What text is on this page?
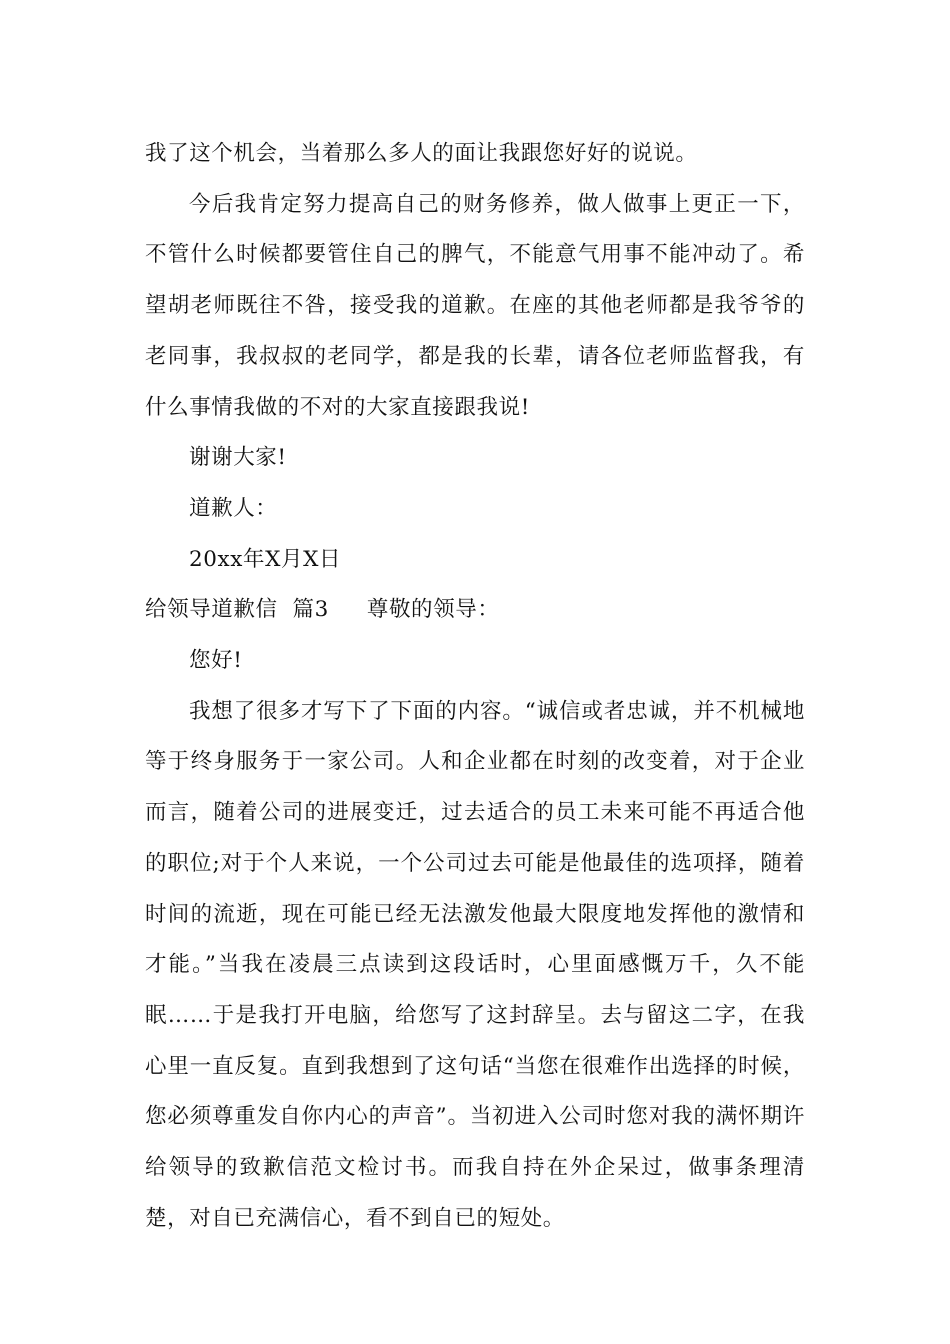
我了这个机会，当着那么多人的面让我跟您好好的说说。

今后我肯定努力提高自己的财务修养，做人做事上更正一下，不管什么时候都要管住自己的脾气，不能意气用事不能冲动了。希望胡老师既往不咎，接受我的道歉。在座的其他老师都是我爷爷的老同事，我叔叔的老同学，都是我的长辈，请各位老师监督我，有什么事情我做的不对的大家直接跟我说!

谢谢大家!

道歉人：

20xx年X月X日

给领导道歉信  篇3 尊敬的领导：

您好!

我想了很多才写下了下面的内容。“诚信或者忠诚，并不机械地等于终身服务于一家公司。人和企业都在时刻的改变着，对于企业而言，随着公司的进展变迁，过去适合的员工未来可能不再适合他的职位;对于个人来说，一个公司过去可能是他最佳的选项择，随着时间的流逝，现在可能已经无法激发他最大限度地发挥他的激情和才能。”当我在凌晨三点读到这段话时，心里面感慨万千，久不能眠……于是我打开电脑，给您写了这封辞呈。去与留这二字，在我心里一直反复。直到我想到了这句话“当您在很难作出选择的时候，您必须尊重发自你内心的声音”。当初进入公司时您对我的满怀期许给领导的致歉信范文检讨书。而我自持在外企呆过，做事条理清楚，对自已充满信心，看不到自已的短处。
